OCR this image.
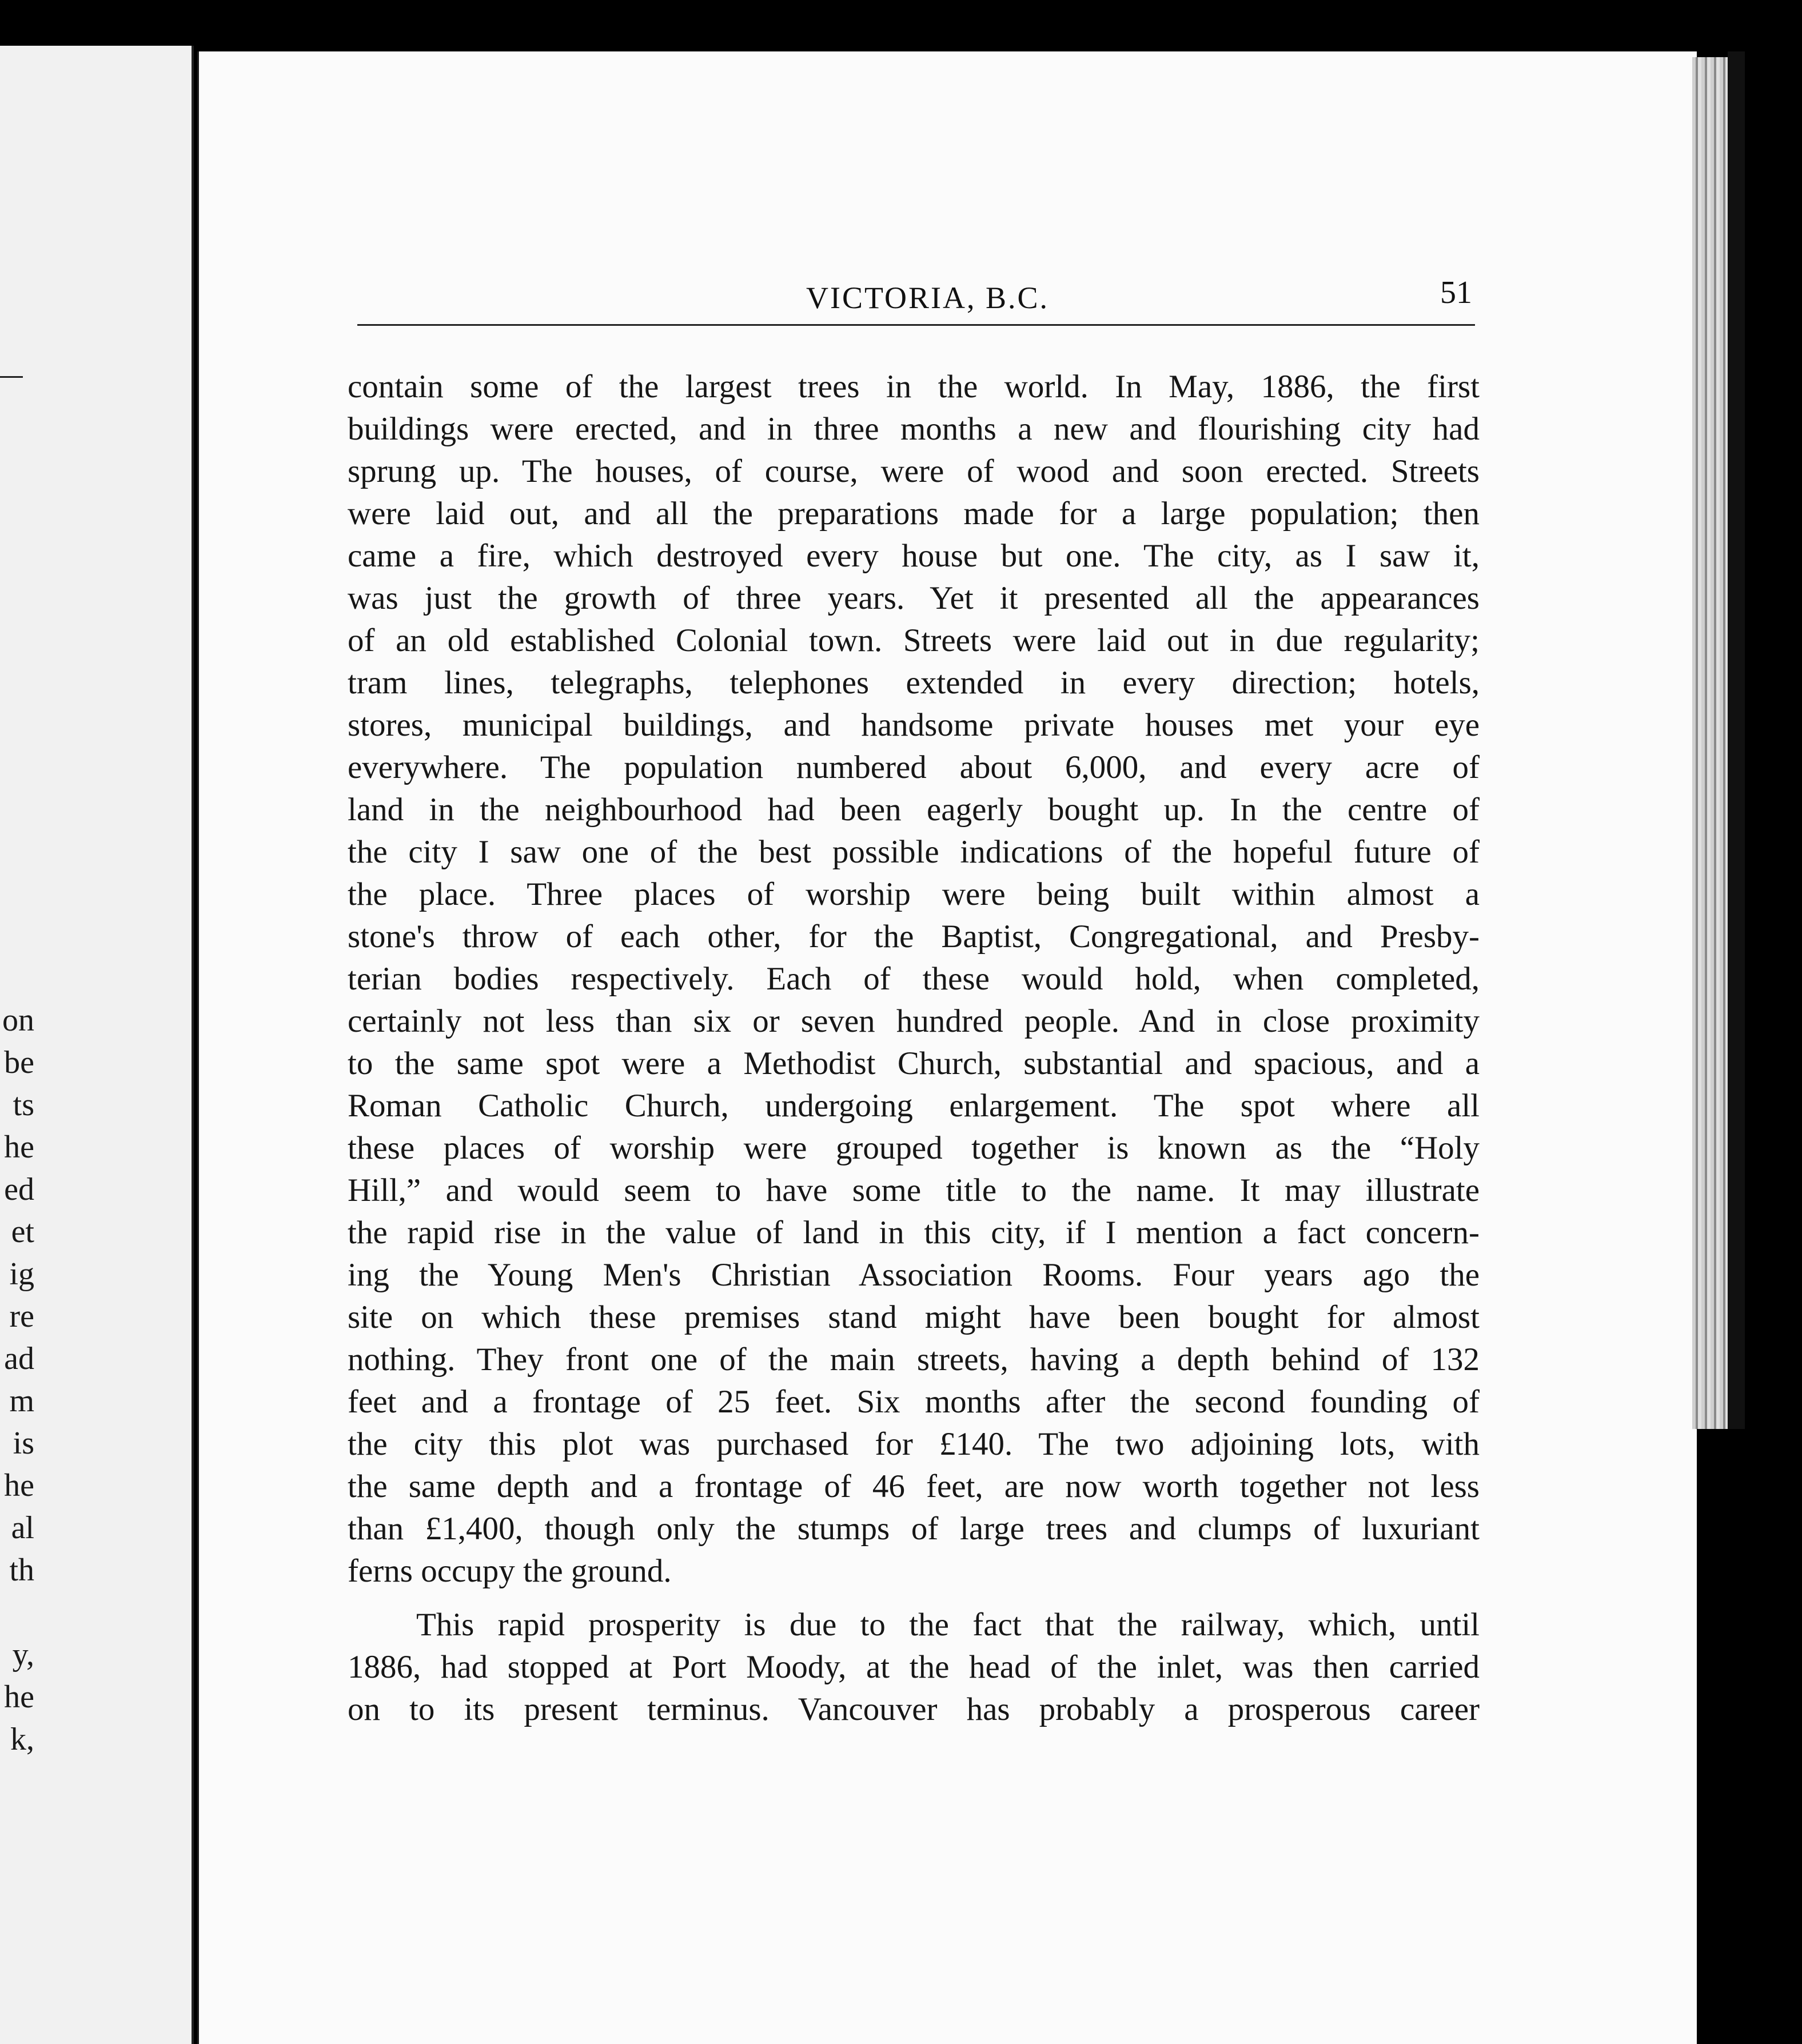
on
be
ts
he
ed
et
ig
re
ad
m
is
he
al
th
y,
he
k,
VICTORIA, B.C.	51
contain some of the largest trees in the world. In May, 1886, the first
buildings were erected, and in three months a new and flourishing city had
sprung up. The houses, of course, were of wood and soon erected. Streets
were laid out, and all the preparations made for a large population; then
came a fire, which destroyed every house but one. The city, as I saw it,
was just the growth of three years. Yet it presented all the appearances
of an old established Colonial town. Streets were laid out in due regularity;
tram lines, telegraphs, telephones extended in every direction; hotels,
stores, municipal buildings, and handsome private houses met your eye
everywhere. The population numbered about 6,000, and every acre of
land in the neighbourhood had been eagerly bought up. In the centre of
the city I saw one of the best possible indications of the hopeful future of
the place. Three places of worship were being built within almost a
stone's throw of each other, for the Baptist, Congregational, and Presby-
terian bodies respectively. Each of these would hold, when completed,
certainly not less than six or seven hundred people. And in close proximity
to the same spot were a Methodist Church, substantial and spacious, and a
Roman Catholic Church, undergoing enlargement. The spot where all
these places of worship were grouped together is known as the “Holy
Hill,” and would seem to have some title to the name. It may illustrate
the rapid rise in the value of land in this city, if I mention a fact concern-
ing the Young Men's Christian Association Rooms. Four years ago the
site on which these premises stand might have been bought for almost
nothing. They front one of the main streets, having a depth behind of 132
feet and a frontage of 25 feet. Six months after the second founding of
the city this plot was purchased for £140. The two adjoining lots, with
the same depth and a frontage of 46 feet, are now worth together not less
than £1,400, though only the stumps of large trees and clumps of luxuriant
ferns occupy the ground.
This rapid prosperity is due to the fact that the railway, which, until
1886, had stopped at Port Moody, at the head of the inlet, was then carried
on to its present terminus. Vancouver has probably a prosperous career
